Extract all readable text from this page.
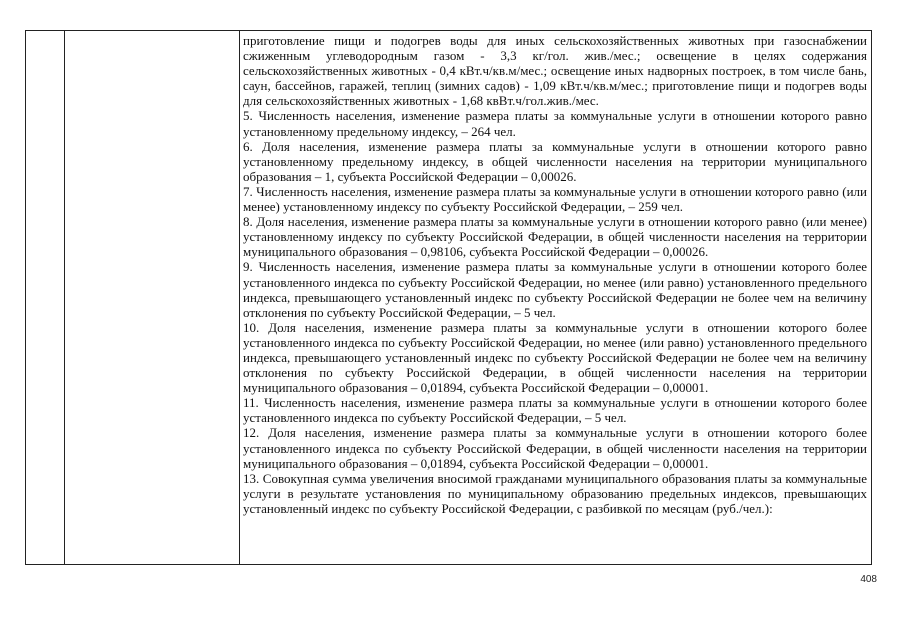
приготовление пищи и подогрев воды для иных сельскохозяйственных животных при газоснабжении сжиженным углеводородным газом - 3,3 кг/гол. жив./мес.; освещение в целях содержания сельскохозяйственных животных - 0,4 кВт.ч/кв.м/мес.; освещение иных надворных построек, в том числе бань, саун, бассейнов, гаражей, теплиц (зимних садов) - 1,09 кВт.ч/кв.м/мес.; приготовление пищи и подогрев воды для сельскохозяйственных животных - 1,68 квВт.ч/гол.жив./мес.

5. Численность населения, изменение размера платы за коммунальные услуги в отношении которого равно установленному предельному индексу, – 264 чел.

6. Доля населения, изменение размера платы за коммунальные услуги в отношении которого равно установленному предельному индексу, в общей численности населения на территории муниципального образования – 1, субъекта Российской Федерации – 0,00026.

7. Численность населения, изменение размера платы за коммунальные услуги в отношении которого равно (или менее) установленному индексу по субъекту Российской Федерации, – 259 чел.

8. Доля населения, изменение размера платы за коммунальные услуги в отношении которого равно (или менее) установленному индексу по субъекту Российской Федерации, в общей численности населения на территории муниципального образования – 0,98106, субъекта Российской Федерации – 0,00026.

9. Численность населения, изменение размера платы за коммунальные услуги в отношении которого более установленного индекса по субъекту Российской Федерации, но менее (или равно) установленного предельного индекса, превышающего установленный индекс по субъекту Российской Федерации не более чем на величину отклонения по субъекту Российской Федерации, – 5 чел.

10. Доля населения, изменение размера платы за коммунальные услуги в отношении которого более установленного индекса по субъекту Российской Федерации, но менее (или равно) установленного предельного индекса, превышающего установленный индекс по субъекту Российской Федерации не более чем на величину отклонения по субъекту Российской Федерации, в общей численности населения на территории муниципального образования – 0,01894, субъекта Российской Федерации – 0,00001.

11. Численность населения, изменение размера платы за коммунальные услуги в отношении которого более установленного индекса по субъекту Российской Федерации, – 5 чел.

12. Доля населения, изменение размера платы за коммунальные услуги в отношении которого более установленного индекса по субъекту Российской Федерации, в общей численности населения на территории муниципального образования – 0,01894, субъекта Российской Федерации – 0,00001.

13. Совокупная сумма увеличения вносимой гражданами муниципального образования платы за коммунальные услуги в результате установления по муниципальному образованию предельных индексов, превышающих установленный индекс по субъекту Российской Федерации, с разбивкой по месяцам (руб./чел.):

408
